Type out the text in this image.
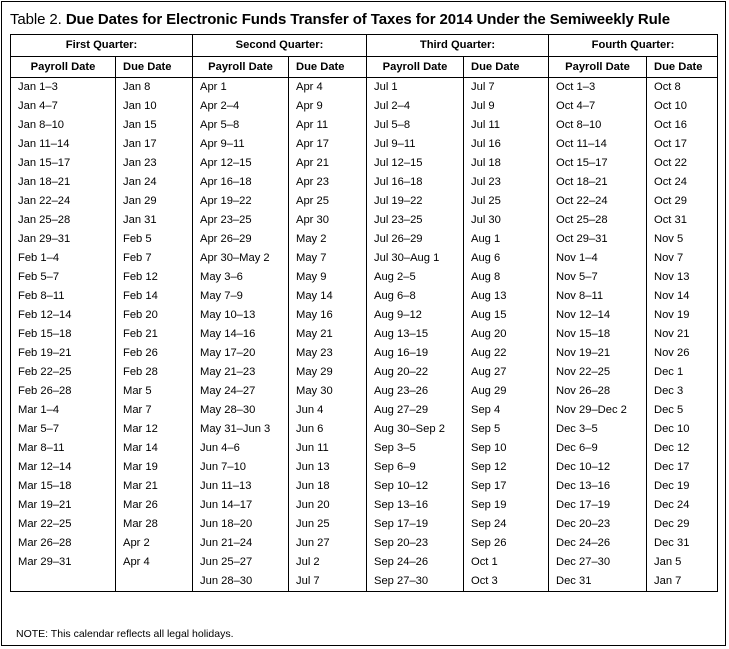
Table 2. Due Dates for Electronic Funds Transfer of Taxes for 2014 Under the Semiweekly Rule
First Quarter:		Second Quarter:		Third Quarter:		Fourth Quarter:	
Payroll Date	Due Date	Payroll Date	Due Date	Payroll Date	Due Date	Payroll Date	Due Date
Jan 1–3	Jan 8	Apr 1	Apr 4	Jul 1	Jul 7	Oct 1–3	Oct 8
Jan 4–7	Jan 10	Apr 2–4	Apr 9	Jul 2–4	Jul 9	Oct 4–7	Oct 10
Jan 8–10	Jan 15	Apr 5–8	Apr 11	Jul 5–8	Jul 11	Oct 8–10	Oct 16
Jan 11–14	Jan 17	Apr 9–11	Apr 17	Jul 9–11	Jul 16	Oct 11–14	Oct 17
Jan 15–17	Jan 23	Apr 12–15	Apr 21	Jul 12–15	Jul 18	Oct 15–17	Oct 22
Jan 18–21	Jan 24	Apr 16–18	Apr 23	Jul 16–18	Jul 23	Oct 18–21	Oct 24
Jan 22–24	Jan 29	Apr 19–22	Apr 25	Jul 19–22	Jul 25	Oct 22–24	Oct 29
Jan 25–28	Jan 31	Apr 23–25	Apr 30	Jul 23–25	Jul 30	Oct 25–28	Oct 31
Jan 29–31	Feb 5	Apr 26–29	May 2	Jul 26–29	Aug 1	Oct 29–31	Nov 5
Feb 1–4	Feb 7	Apr 30–May 2	May 7	Jul 30–Aug 1	Aug 6	Nov 1–4	Nov 7
Feb 5–7	Feb 12	May 3–6	May 9	Aug 2–5	Aug 8	Nov 5–7	Nov 13
Feb 8–11	Feb 14	May 7–9	May 14	Aug 6–8	Aug 13	Nov 8–11	Nov 14
Feb 12–14	Feb 20	May 10–13	May 16	Aug 9–12	Aug 15	Nov 12–14	Nov 19
Feb 15–18	Feb 21	May 14–16	May 21	Aug 13–15	Aug 20	Nov 15–18	Nov 21
Feb 19–21	Feb 26	May 17–20	May 23	Aug 16–19	Aug 22	Nov 19–21	Nov 26
Feb 22–25	Feb 28	May 21–23	May 29	Aug 20–22	Aug 27	Nov 22–25	Dec 1
Feb 26–28	Mar 5	May 24–27	May 30	Aug 23–26	Aug 29	Nov 26–28	Dec 3
Mar 1–4	Mar 7	May 28–30	Jun 4	Aug 27–29	Sep 4	Nov 29–Dec 2	Dec 5
Mar 5–7	Mar 12	May 31–Jun 3	Jun 6	Aug 30–Sep 2	Sep 5	Dec 3–5	Dec 10
Mar 8–11	Mar 14	Jun 4–6	Jun 11	Sep 3–5	Sep 10	Dec 6–9	Dec 12
Mar 12–14	Mar 19	Jun 7–10	Jun 13	Sep 6–9	Sep 12	Dec 10–12	Dec 17
Mar 15–18	Mar 21	Jun 11–13	Jun 18	Sep 10–12	Sep 17	Dec 13–16	Dec 19
Mar 19–21	Mar 26	Jun 14–17	Jun 20	Sep 13–16	Sep 19	Dec 17–19	Dec 24
Mar 22–25	Mar 28	Jun 18–20	Jun 25	Sep 17–19	Sep 24	Dec 20–23	Dec 29
Mar 26–28	Apr 2	Jun 21–24	Jun 27	Sep 20–23	Sep 26	Dec 24–26	Dec 31
Mar 29–31	Apr 4	Jun 25–27	Jul 2	Sep 24–26	Oct 1	Dec 27–30	Jan 5
		Jun 28–30	Jul 7	Sep 27–30	Oct 3	Dec 31	Jan 7
NOTE: This calendar reflects all legal holidays.
